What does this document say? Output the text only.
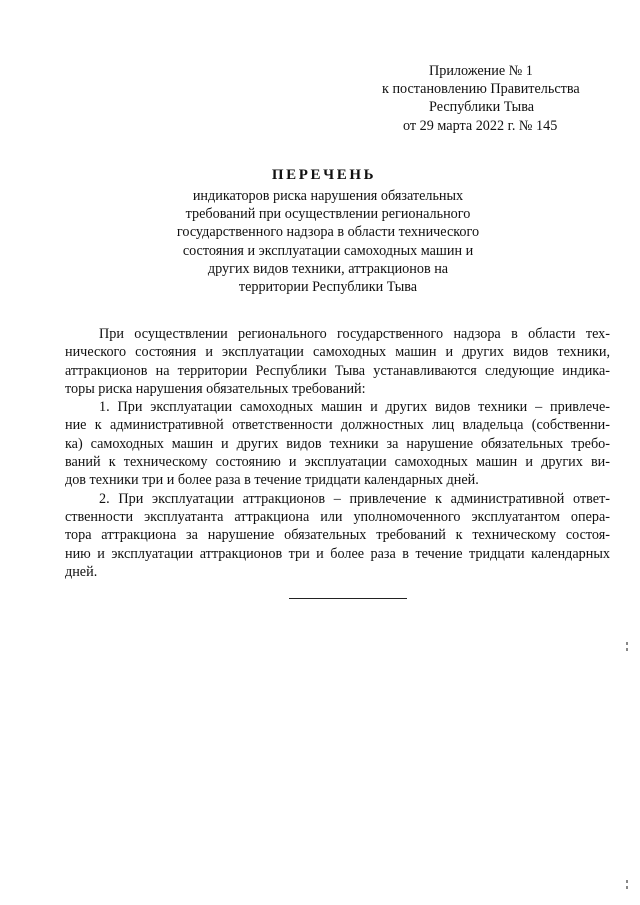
Приложение № 1
к постановлению Правительства
Республики Тыва
от 29 марта 2022 г. № 145
ПЕРЕЧЕНЬ
индикаторов риска нарушения обязательных
требований при осуществлении регионального
государственного надзора в области технического
состояния и эксплуатации самоходных машин и
других видов техники, аттракционов на
территории Республики Тыва
При осуществлении регионального государственного надзора в области тех-
нического состояния и эксплуатации самоходных машин и других видов техники,
аттракционов на территории Республики Тыва устанавливаются следующие индика-
торы риска нарушения обязательных требований:
1. При эксплуатации самоходных машин и других видов техники – привлече-
ние к административной ответственности должностных лиц владельца (собственни-
ка) самоходных машин и других видов техники за нарушение обязательных требо-
ваний к техническому состоянию и эксплуатации самоходных машин и других ви-
дов техники три и более раза в течение тридцати календарных дней.
2. При эксплуатации аттракционов – привлечение к административной ответ-
ственности эксплуатанта аттракциона или уполномоченного эксплуатантом опера-
тора аттракциона за нарушение обязательных требований к техническому состоя-
нию и эксплуатации аттракционов три и более раза в течение тридцати календарных
дней.
